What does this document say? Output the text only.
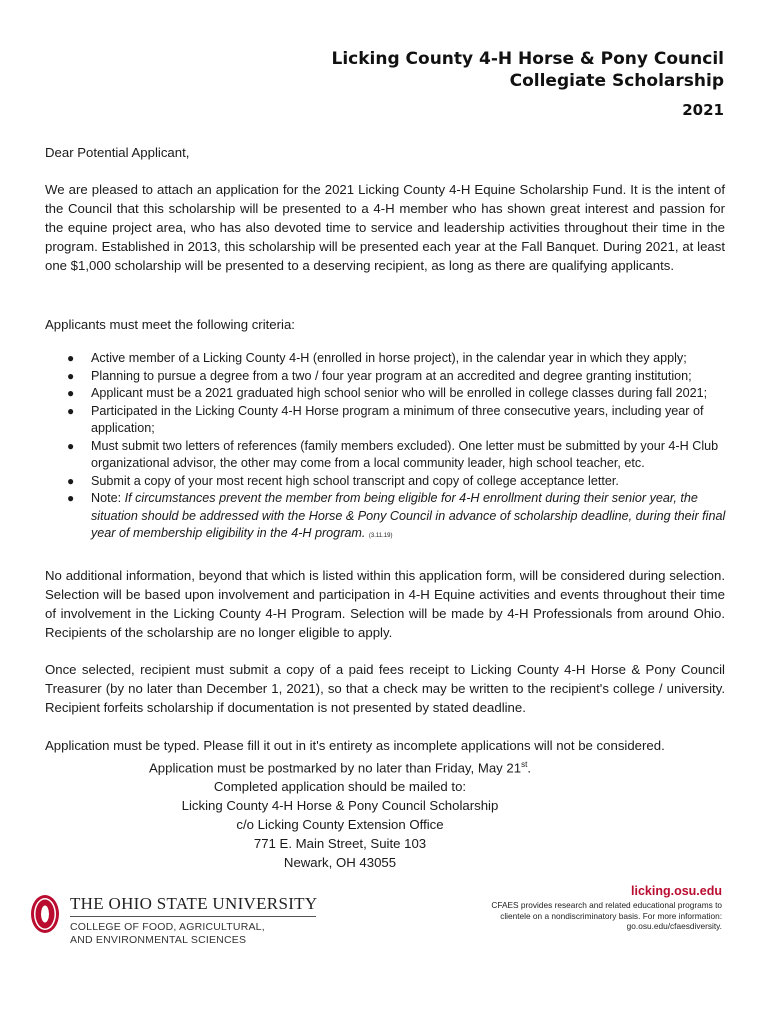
Licking County 4-H Horse & Pony Council
Collegiate Scholarship
2021
Dear Potential Applicant,
We are pleased to attach an application for the 2021 Licking County 4-H Equine Scholarship Fund. It is the intent of the Council that this scholarship will be presented to a 4-H member who has shown great interest and passion for the equine project area, who has also devoted time to service and leadership activities throughout their time in the program. Established in 2013, this scholarship will be presented each year at the Fall Banquet. During 2021, at least one $1,000 scholarship will be presented to a deserving recipient, as long as there are qualifying applicants.
Applicants must meet the following criteria:
● Active member of a Licking County 4-H (enrolled in horse project), in the calendar year in which they apply;
● Planning to pursue a degree from a two / four year program at an accredited and degree granting institution;
● Applicant must be a 2021 graduated high school senior who will be enrolled in college classes during fall 2021;
● Participated in the Licking County 4-H Horse program a minimum of three consecutive years, including year of application;
● Must submit two letters of references (family members excluded). One letter must be submitted by your 4-H Club organizational advisor, the other may come from a local community leader, high school teacher, etc.
● Submit a copy of your most recent high school transcript and copy of college acceptance letter.
● Note: If circumstances prevent the member from being eligible for 4-H enrollment during their senior year, the situation should be addressed with the Horse & Pony Council in advance of scholarship deadline, during their final year of membership eligibility in the 4-H program. (3.11.19)
No additional information, beyond that which is listed within this application form, will be considered during selection. Selection will be based upon involvement and participation in 4-H Equine activities and events throughout their time of involvement in the Licking County 4-H Program. Selection will be made by 4-H Professionals from around Ohio. Recipients of the scholarship are no longer eligible to apply.
Once selected, recipient must submit a copy of a paid fees receipt to Licking County 4-H Horse & Pony Council Treasurer (by no later than December 1, 2021), so that a check may be written to the recipient's college / university. Recipient forfeits scholarship if documentation is not presented by stated deadline.
Application must be typed. Please fill it out in it's entirety as incomplete applications will not be considered.
Application must be postmarked by no later than Friday, May 21st.
Completed application should be mailed to:
Licking County 4-H Horse & Pony Council Scholarship
c/o Licking County Extension Office
771 E. Main Street, Suite 103
Newark, OH 43055
THE OHIO STATE UNIVERSITY
COLLEGE OF FOOD, AGRICULTURAL,
AND ENVIRONMENTAL SCIENCES
licking.osu.edu
CFAES provides research and related educational programs to clientele on a nondiscriminatory basis. For more information: go.osu.edu/cfaesdiversity.
